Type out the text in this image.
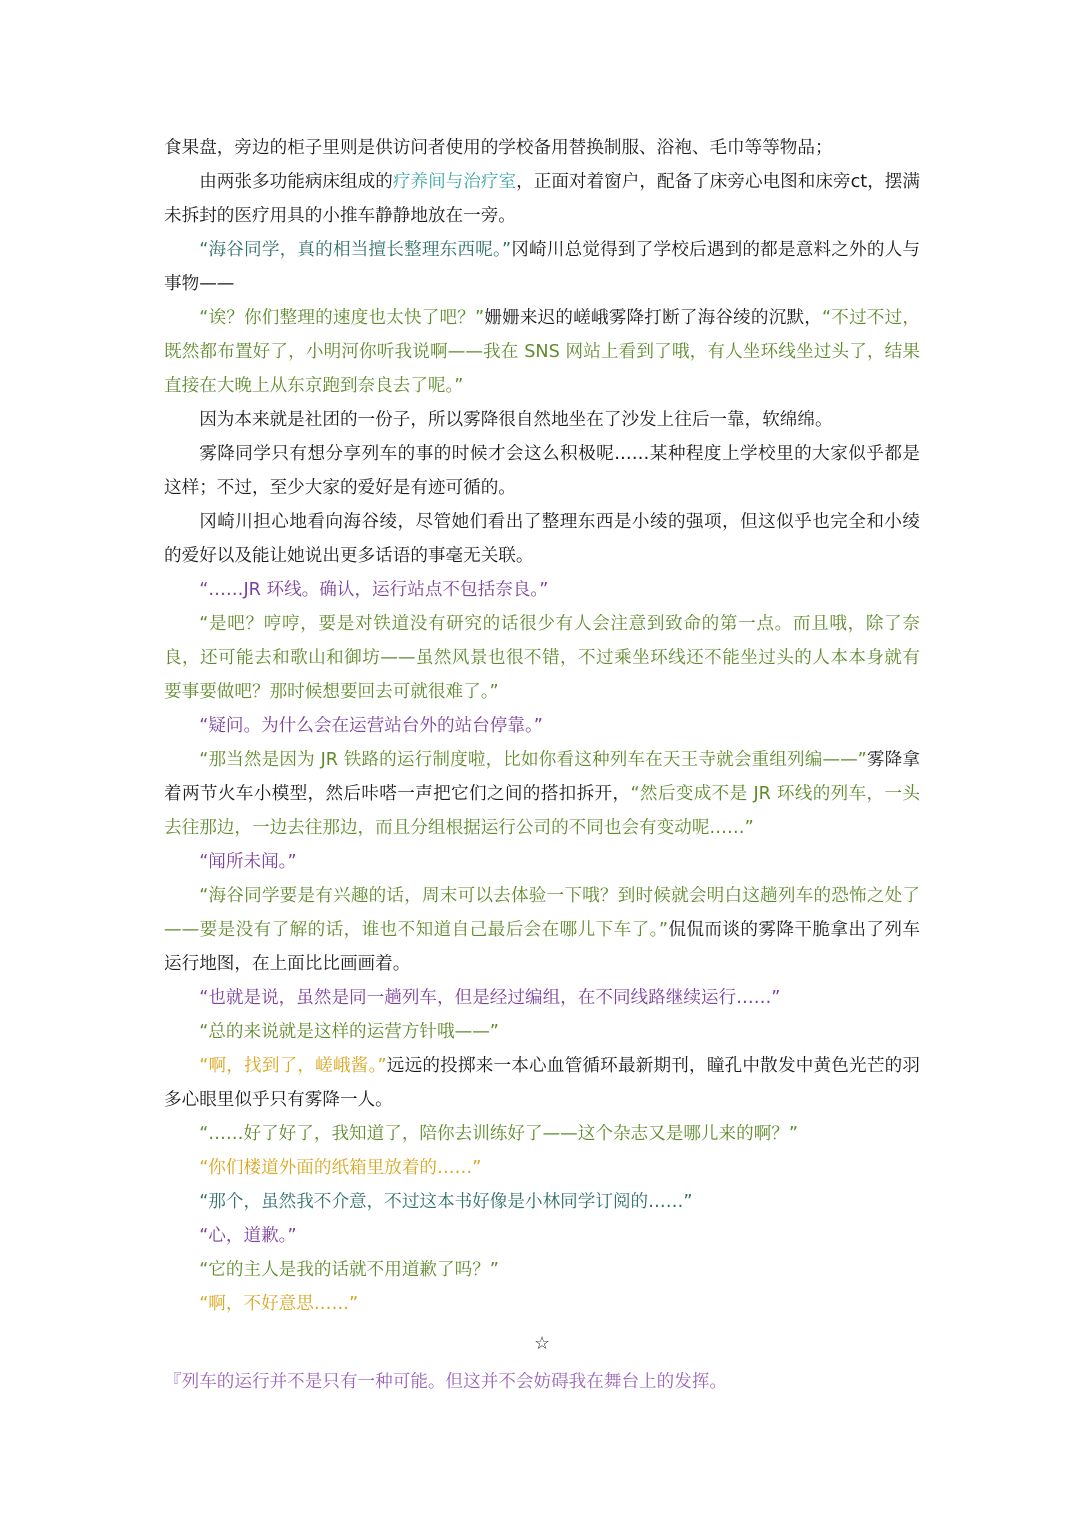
食果盘，旁边的柜子里则是供访问者使用的学校备用替换制服、浴袍、毛巾等等物品；

由两张多功能病床组成的疗养间与治疗室，正面对着窗户，配备了床旁心电图和床旁ct，摆满未拆封的医疗用具的小推车静静地放在一旁。

“海谷同学，真的相当擅长整理东西呢。”冈崎川总觉得到了学校后遇到的都是意料之外的人与事物——

“诶？你们整理的速度也太快了吧？”姗姗来迟的嵯峨雾降打断了海谷绫的沉默，“不过不过，既然都布置好了，小明河你听我说啊——我在 SNS 网站上看到了哦，有人坐环线坐过头了，结果直接在大晚上从东京跑到奈良去了呢。”

因为本来就是社团的一份子，所以雾降很自然地坐在了沙发上往后一靠，软绵绵。

雾降同学只有想分享列车的事的时候才会这么积极呢……某种程度上学校里的大家似乎都是这样；不过，至少大家的爱好是有迹可循的。

冈崎川担心地看向海谷绫，尽管她们看出了整理东西是小绫的强项，但这似乎也完全和小绫的爱好以及能让她说出更多话语的事毫无关联。

“……JR 环线。确认，运行站点不包括奈良。”

“是吧？哼哼，要是对铁道没有研究的话很少有人会注意到致命的第一点。而且哦，除了奈良，还可能去和歌山和御坊——虽然风景也很不错，不过乘坐环线还不能坐过头的人本本身就有要事要做吧？那时候想要回去可就很难了。”

“疑问。为什么会在运营站台外的站台停靠。”

“那当然是因为 JR 铁路的运行制度啦，比如你看这种列车在天王寺就会重组列编——”雾降拿着两节火车小模型，然后咔嗒一声把它们之间的搭扣拆开，“然后变成不是 JR 环线的列车，一头去往那边，一边去往那边，而且分组根据运行公司的不同也会有变动呢……”

“闻所未闻。”

“海谷同学要是有兴趣的话，周末可以去体验一下哦？到时候就会明白这趟列车的恐怖之处了——要是没有了解的话，谁也不知道自己最后会在哪儿下车了。”侃侃而谈的雾降干脆拿出了列车运行地图，在上面比比画画着。

“也就是说，虽然是同一趟列车，但是经过编组，在不同线路继续运行……”

“总的来说就是这样的运营方针哦——”

“啊，找到了，嵯峨酱。”远远的投掷来一本心血管循环最新期刊，瞳孔中散发中黄色光芒的羽多心眼里似乎只有雾降一人。

“……好了好了，我知道了，陪你去训练好了——这个杂志又是哪儿来的啊？”

“你们楼道外面的纸箱里放着的……”

“那个，虽然我不介意，不过这本书好像是小林同学订阅的……”

“心，道歉。”

“它的主人是我的话就不用道歉了吗？”

“啊，不好意思……”

☆

『列车的运行并不是只有一种可能。但这并不会妨碍我在舞台上的发挥。
